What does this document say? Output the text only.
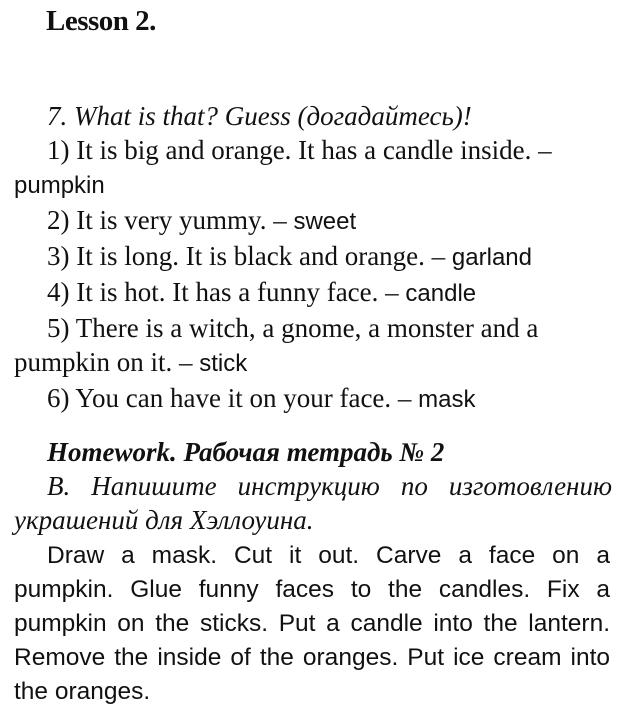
Lesson 2.
7. What is that? Guess (догадайтесь)!
1) It is big and orange. It has a candle inside. –
pumpkin
2) It is very yummy. – sweet
3) It is long. It is black and orange. – garland
4) It is hot. It has a funny face. – candle
5) There is a witch, a gnome, a monster and a
pumpkin on it. – stick
6) You can have it on your face. – mask
Homework. Рабочая тетрадь № 2
B. Напишите инструкцию по изготовлению украшений для Хэллоуина.
Draw a mask. Cut it out. Carve a face on a pumpkin. Glue funny faces to the candles. Fix a pumpkin on the sticks. Put a candle into the lantern. Remove the inside of the oranges. Put ice cream into the oranges.
